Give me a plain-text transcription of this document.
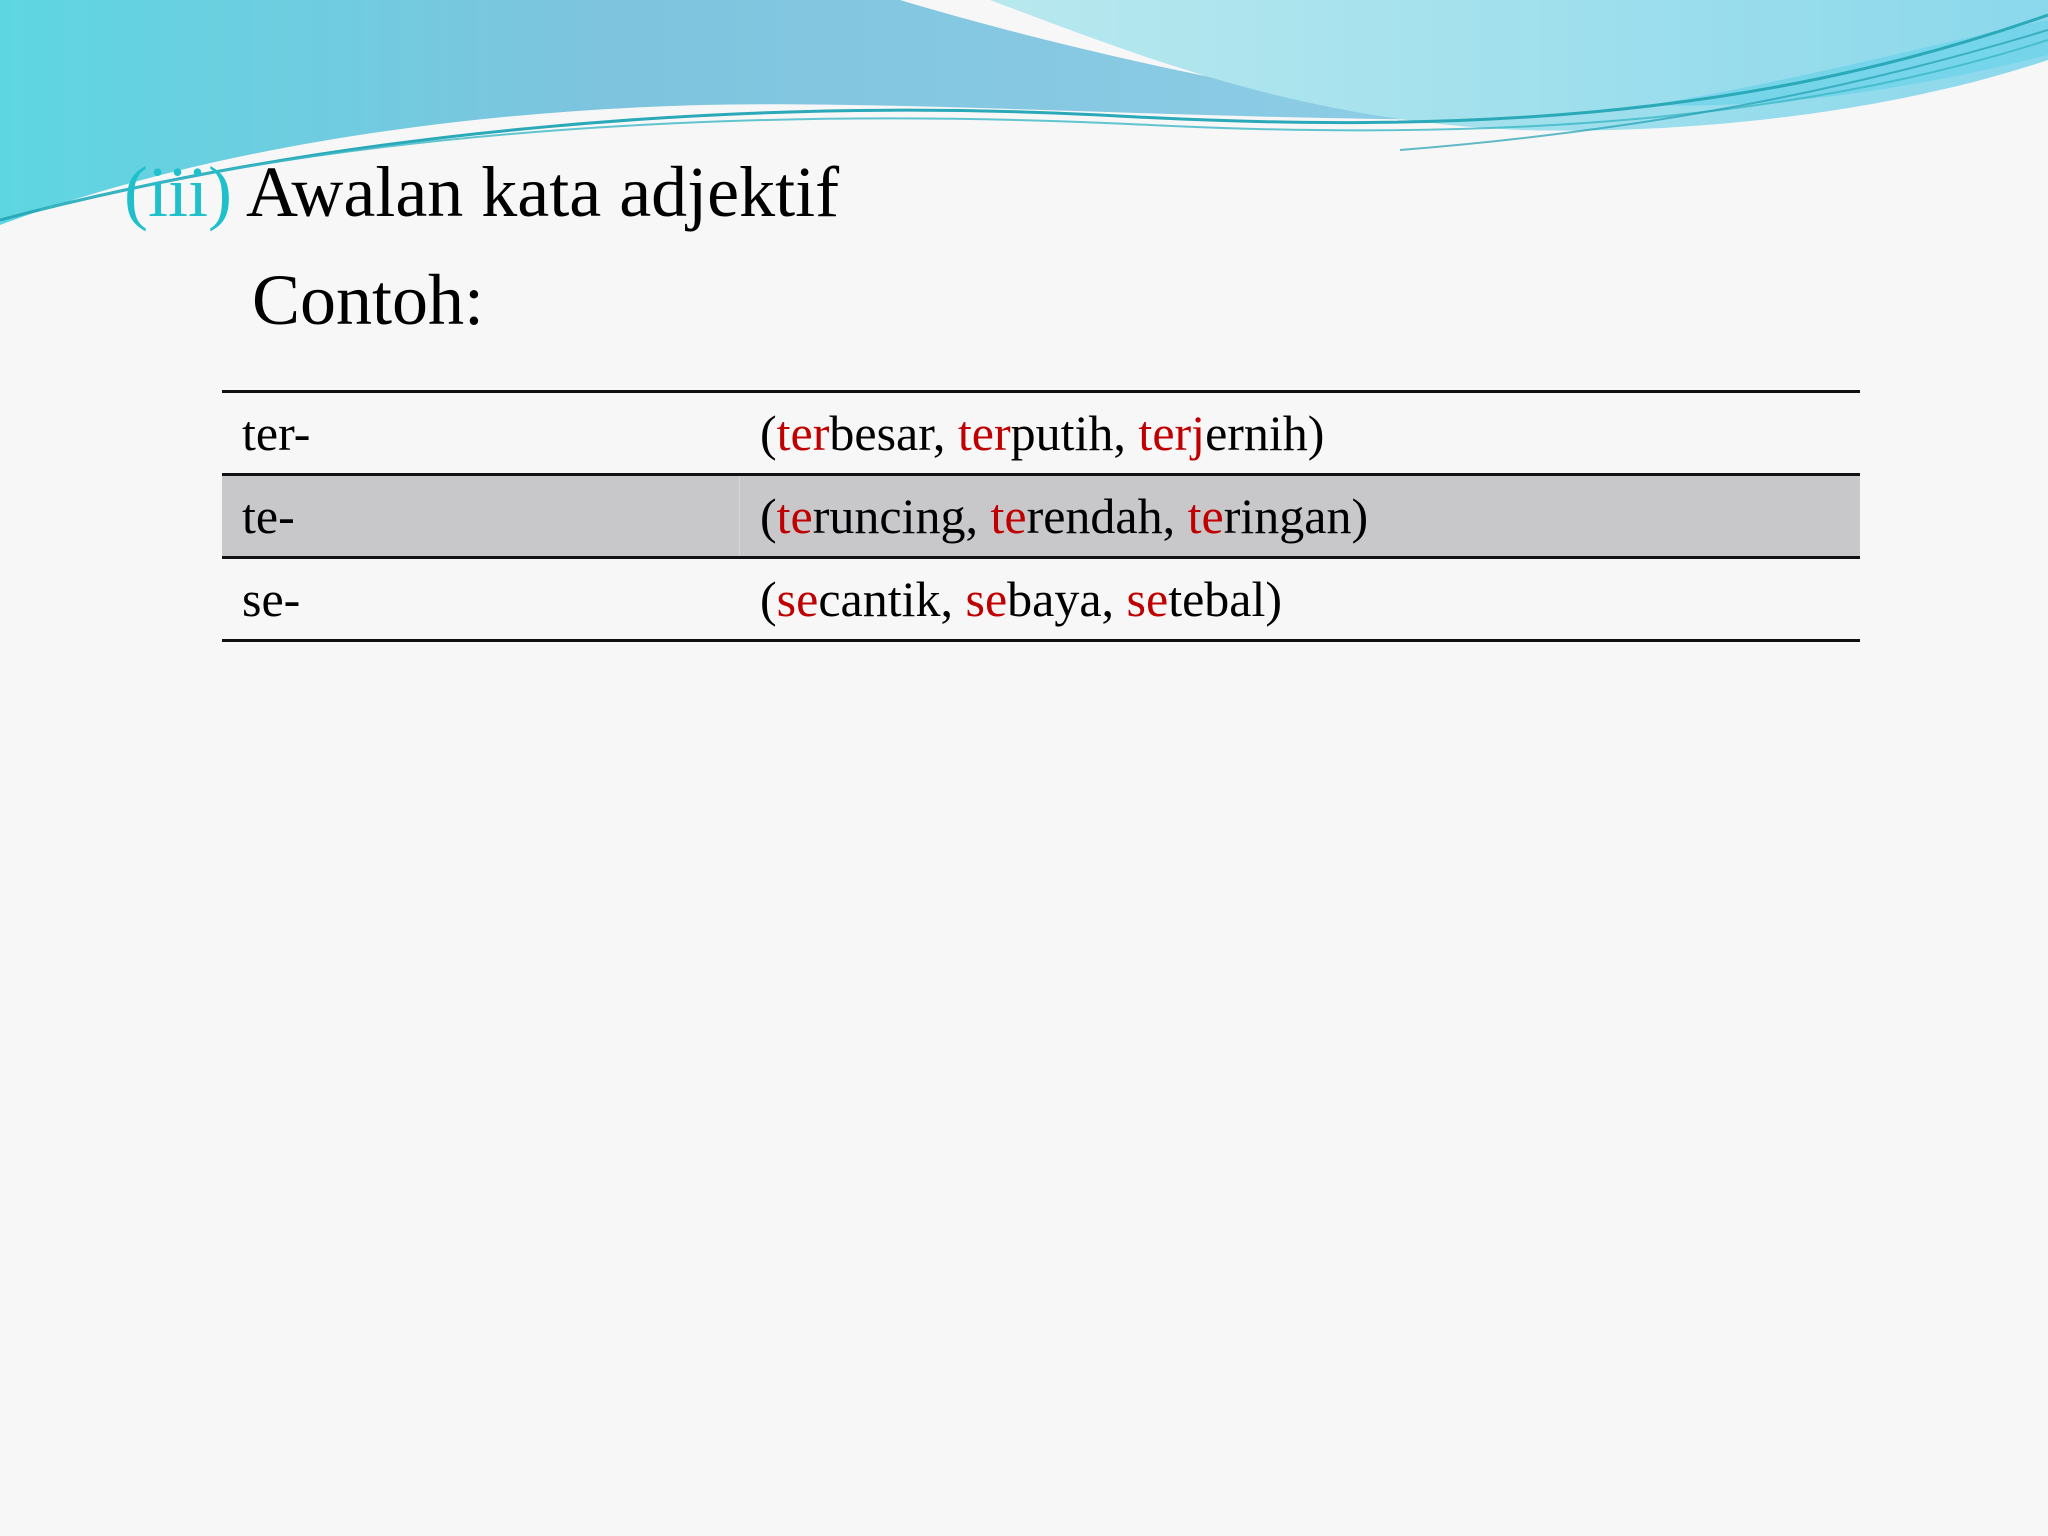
(iii) Awalan kata adjektif
Contoh:
ter-	( ter besar, ter putih, terj ernih)
te-	( te runcing, te rendah, te ringan)
se-	( se cantik, se baya, se tebal)
